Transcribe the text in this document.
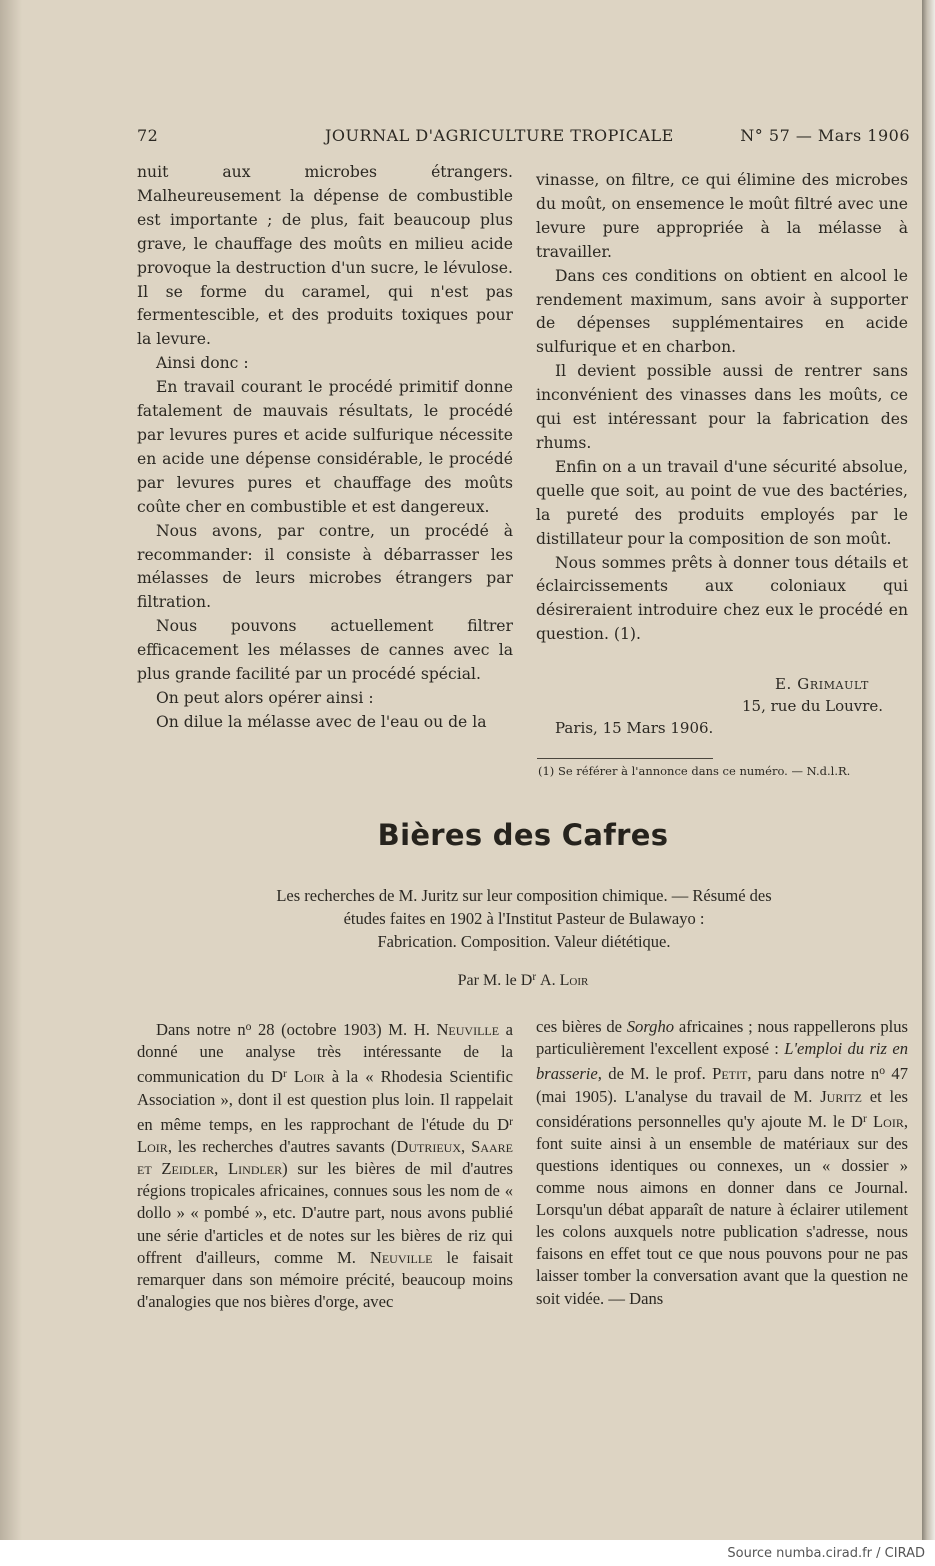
72	JOURNAL D'AGRICULTURE TROPICALE	N° 57 — Mars 1906

nuit aux microbes étrangers. Malheureusement la dépense de combustible est importante ; de plus, fait beaucoup plus grave, le chauffage des moûts en milieu acide provoque la destruction d'un sucre, le lévulose. Il se forme du caramel, qui n'est pas fermentescible, et des produits toxiques pour la levure.

Ainsi donc :

En travail courant le procédé primitif donne fatalement de mauvais résultats, le procédé par levures pures et acide sulfurique nécessite en acide une dépense considérable, le procédé par levures pures et chauffage des moûts coûte cher en combustible et est dangereux.

Nous avons, par contre, un procédé à recommander: il consiste à débarrasser les mélasses de leurs microbes étrangers par filtration.

Nous pouvons actuellement filtrer efficacement les mélasses de cannes avec la plus grande facilité par un procédé spécial.

On peut alors opérer ainsi :

On dilue la mélasse avec de l'eau ou de la

vinasse, on filtre, ce qui élimine des microbes du moût, on ensemence le moût filtré avec une levure pure appropriée à la mélasse à travailler.

Dans ces conditions on obtient en alcool le rendement maximum, sans avoir à supporter de dépenses supplémentaires en acide sulfurique et en charbon.

Il devient possible aussi de rentrer sans inconvénient des vinasses dans les moûts, ce qui est intéressant pour la fabrication des rhums.

Enfin on a un travail d'une sécurité absolue, quelle que soit, au point de vue des bactéries, la pureté des produits employés par le distillateur pour la composition de son moût.

Nous sommes prêts à donner tous détails et éclaircissements aux coloniaux qui désireraient introduire chez eux le procédé en question. (1).

E. Grimault
15, rue du Louvre.
Paris, 15 Mars 1906.
(1) Se référer à l'annonce dans ce numéro. — N.d.l.R.
Bières des Cafres
Les recherches de M. Juritz sur leur composition chimique. — Résumé des
études faites en 1902 à l'Institut Pasteur de Bulawayo :
Fabrication. Composition. Valeur diététique.
Par M. le $D^r$ A. Loir

Dans notre $n^o$ 28 (octobre 1903) M. H. Neuville a donné une analyse très intéressante de la communication du $D^r$ Loir à la « Rhodesia Scientific Association », dont il est question plus loin. Il rappelait en même temps, en les rapprochant de l'étude du $D^r$ Loir, les recherches d'autres savants (Dutrieux, Saare et Zeidler, Lindler) sur les bières de mil d'autres régions tropicales africaines, connues sous les nom de « dollo » « pombé », etc. D'autre part, nous avons publié une série d'articles et de notes sur les bières de riz qui offrent d'ailleurs, comme M. Neuville le faisait remarquer dans son mémoire précité, beaucoup moins d'analogies que nos bières d'orge, avec

ces bières de Sorgho africaines ; nous rappellerons plus particulièrement l'excellent exposé : L'emploi du riz en brasserie, de M. le prof. Petit, paru dans notre $n^o$ 47 (mai 1905). L'analyse du travail de M. Juritz et les considérations personnelles qu'y ajoute M. le $D^r$ Loir, font suite ainsi à un ensemble de matériaux sur des questions identiques ou connexes, un « dossier » comme nous aimons en donner dans ce Journal. Lorsqu'un débat apparaît de nature à éclairer utilement les colons auxquels notre publication s'adresse, nous faisons en effet tout ce que nous pouvons pour ne pas laisser tomber la conversation avant que la question ne soit vidée. — Dans

Source numba.cirad.fr / CIRAD
